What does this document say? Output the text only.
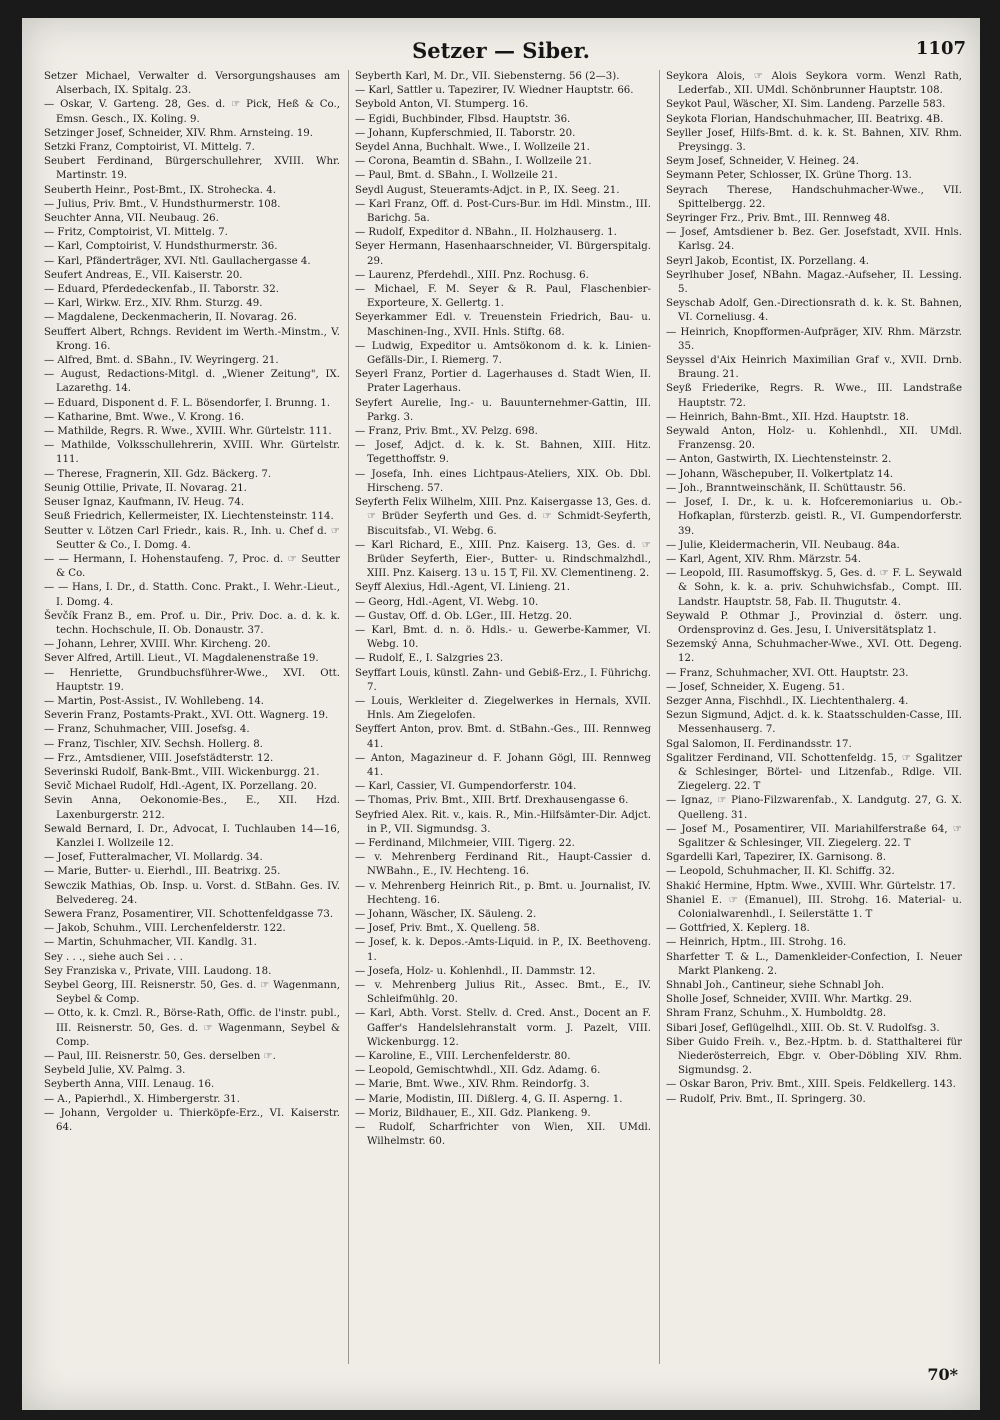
Setzer — Siber.	1107

Setzer Michael, Verwalter d. Versorgungshauses am Alserbach, IX. Spitalg. 23.

— Oskar, V. Garteng. 28, Ges. d. ☞ Pick, Heß & Co., Emsn. Gesch., IX. Koling. 9.

Setzinger Josef, Schneider, XIV. Rhm. Arnsteing. 19.

Setzki Franz, Comptoirist, VI. Mittelg. 7.

Seubert Ferdinand, Bürgerschullehrer, XVIII. Whr. Martinstr. 19.

Seuberth Heinr., Post-Bmt., IX. Strohecka. 4.

— Julius, Priv. Bmt., V. Hundsthurmerstr. 108.

Seuchter Anna, VII. Neubaug. 26.

— Fritz, Comptoirist, VI. Mittelg. 7.

— Karl, Comptoirist, V. Hundsthurmerstr. 36.

— Karl, Pfänderträger, XVI. Ntl. Gaullachergasse 4.

Seufert Andreas, E., VII. Kaiserstr. 20.

— Eduard, Pferdedeckenfab., II. Taborstr. 32.

— Karl, Wirkw. Erz., XIV. Rhm. Sturzg. 49.

— Magdalene, Deckenmacherin, II. Novarag. 26.

Seuffert Albert, Rchngs. Revident im Werth.-Minstm., V. Krong. 16.

— Alfred, Bmt. d. SBahn., IV. Weyringerg. 21.

— August, Redactions-Mitgl. d. „Wiener Zeitung", IX. Lazarethg. 14.

— Eduard, Disponent d. F. L. Bösendorfer, I. Brunng. 1.

— Katharine, Bmt. Wwe., V. Krong. 16.

— Mathilde, Regrs. R. Wwe., XVIII. Whr. Gürtelstr. 111.

— Mathilde, Volksschullehrerin, XVIII. Whr. Gürtelstr. 111.

— Therese, Fragnerin, XII. Gdz. Bäckerg. 7.

Seunig Ottilie, Private, II. Novarag. 21.

Seuser Ignaz, Kaufmann, IV. Heug. 74.

Seuß Friedrich, Kellermeister, IX. Liechtensteinstr. 114.

Seutter v. Lötzen Carl Friedr., kais. R., Inh. u. Chef d. ☞ Seutter & Co., I. Domg. 4.

— — Hermann, I. Hohenstaufeng. 7, Proc. d. ☞ Seutter & Co.

— — Hans, I. Dr., d. Statth. Conc. Prakt., I. Wehr.-Lieut., I. Domg. 4.

Ševčík Franz B., em. Prof. u. Dir., Priv. Doc. a. d. k. k. techn. Hochschule, II. Ob. Donaustr. 37.

— Johann, Lehrer, XVIII. Whr. Kircheng. 20.

Sever Alfred, Artill. Lieut., VI. Magdalenenstraße 19.

— Henriette, Grundbuchsführer-Wwe., XVI. Ott. Hauptstr. 19.

— Martin, Post-Assist., IV. Wohllebeng. 14.

Severin Franz, Postamts-Prakt., XVI. Ott. Wagnerg. 19.

— Franz, Schuhmacher, VIII. Josefsg. 4.

— Franz, Tischler, XIV. Sechsh. Hollerg. 8.

— Frz., Amtsdiener, VIII. Josefstädterstr. 12.

Severinski Rudolf, Bank-Bmt., VIII. Wickenburgg. 21.

Sevič Michael Rudolf, Hdl.-Agent, IX. Porzellang. 20.

Sevin Anna, Oekonomie-Bes., E., XII. Hzd. Laxenburgerstr. 212.

Sewald Bernard, I. Dr., Advocat, I. Tuchlauben 14—16, Kanzlei I. Wollzeile 12.

— Josef, Futteralmacher, VI. Mollardg. 34.

— Marie, Butter- u. Eierhdl., III. Beatrixg. 25.

Sewczik Mathias, Ob. Insp. u. Vorst. d. StBahn. Ges. IV. Belvedereg. 24.

Sewera Franz, Posamentirer, VII. Schottenfeldgasse 73.

— Jakob, Schuhm., VIII. Lerchenfelderstr. 122.

— Martin, Schuhmacher, VII. Kandlg. 31.

Sey . . ., siehe auch Sei . . .

Sey Franziska v., Private, VIII. Laudong. 18.

Seybel Georg, III. Reisnerstr. 50, Ges. d. ☞ Wagenmann, Seybel & Comp.

— Otto, k. k. Cmzl. R., Börse-Rath, Offic. de l'instr. publ., III. Reisnerstr. 50, Ges. d. ☞ Wagenmann, Seybel & Comp.

— Paul, III. Reisnerstr. 50, Ges. derselben ☞.

Seybeld Julie, XV. Palmg. 3.

Seyberth Anna, VIII. Lenaug. 16.

— A., Papierhdl., X. Himbergerstr. 31.

— Johann, Vergolder u. Thierköpfe-Erz., VI. Kaiserstr. 64.

Seyberth Karl, M. Dr., VII. Siebensterng. 56 (2—3).

— Karl, Sattler u. Tapezirer, IV. Wiedner Hauptstr. 66.

Seybold Anton, VI. Stumperg. 16.

— Egidi, Buchbinder, Flbsd. Hauptstr. 36.

— Johann, Kupferschmied, II. Taborstr. 20.

Seydel Anna, Buchhalt. Wwe., I. Wollzeile 21.

— Corona, Beamtin d. SBahn., I. Wollzeile 21.

— Paul, Bmt. d. SBahn., I. Wollzeile 21.

Seydl August, Steueramts-Adjct. in P., IX. Seeg. 21.

— Karl Franz, Off. d. Post-Curs-Bur. im Hdl. Minstm., III. Barichg. 5a.

— Rudolf, Expeditor d. NBahn., II. Holzhauserg. 1.

Seyer Hermann, Hasenhaarschneider, VI. Bürgerspitalg. 29.

— Laurenz, Pferdehdl., XIII. Pnz. Rochusg. 6.

— Michael, F. M. Seyer & R. Paul, Flaschenbier-Exporteure, X. Gellertg. 1.

Seyerkammer Edl. v. Treuenstein Friedrich, Bau- u. Maschinen-Ing., XVII. Hnls. Stiftg. 68.

— Ludwig, Expeditor u. Amtsökonom d. k. k. Linien-Gefälls-Dir., I. Riemerg. 7.

Seyerl Franz, Portier d. Lagerhauses d. Stadt Wien, II. Prater Lagerhaus.

Seyfert Aurelie, Ing.- u. Bauunternehmer-Gattin, III. Parkg. 3.

— Franz, Priv. Bmt., XV. Pelzg. 698.

— Josef, Adjct. d. k. k. St. Bahnen, XIII. Hitz. Tegetthoffstr. 9.

— Josefa, Inh. eines Lichtpaus-Ateliers, XIX. Ob. Dbl. Hirscheng. 57.

Seyferth Felix Wilhelm, XIII. Pnz. Kaisergasse 13, Ges. d. ☞ Brüder Seyferth und Ges. d. ☞ Schmidt-Seyferth, Biscuitsfab., VI. Webg. 6.

— Karl Richard, E., XIII. Pnz. Kaiserg. 13, Ges. d. ☞ Brüder Seyferth, Eier-, Butter- u. Rindschmalzhdl., XIII. Pnz. Kaiserg. 13 u. 15 T, Fil. XV. Clementineng. 2.

Seyff Alexius, Hdl.-Agent, VI. Linieng. 21.

— Georg, Hdl.-Agent, VI. Webg. 10.

— Gustav, Off. d. Ob. LGer., III. Hetzg. 20.

— Karl, Bmt. d. n. ö. Hdls.- u. Gewerbe-Kammer, VI. Webg. 10.

— Rudolf, E., I. Salzgries 23.

Seyffart Louis, künstl. Zahn- und Gebiß-Erz., I. Führichg. 7.

— Louis, Werkleiter d. Ziegelwerkes in Hernals, XVII. Hnls. Am Ziegelofen.

Seyffert Anton, prov. Bmt. d. StBahn.-Ges., III. Rennweg 41.

— Anton, Magazineur d. F. Johann Gögl, III. Rennweg 41.

— Karl, Cassier, VI. Gumpendorferstr. 104.

— Thomas, Priv. Bmt., XIII. Brtf. Drexhausengasse 6.

Seyfried Alex. Rit. v., kais. R., Min.-Hilfsämter-Dir. Adjct. in P., VII. Sigmundsg. 3.

— Ferdinand, Milchmeier, VIII. Tigerg. 22.

— v. Mehrenberg Ferdinand Rit., Haupt-Cassier d. NWBahn., E., IV. Hechteng. 16.

— v. Mehrenberg Heinrich Rit., p. Bmt. u. Journalist, IV. Hechteng. 16.

— Johann, Wäscher, IX. Säuleng. 2.

— Josef, Priv. Bmt., X. Quelleng. 58.

— Josef, k. k. Depos.-Amts-Liquid. in P., IX. Beethoveng. 1.

— Josefa, Holz- u. Kohlenhdl., II. Dammstr. 12.

— v. Mehrenberg Julius Rit., Assec. Bmt., E., IV. Schleifmühlg. 20.

— Karl, Abth. Vorst. Stellv. d. Cred. Anst., Docent an F. Gaffer's Handelslehranstalt vorm. J. Pazelt, VIII. Wickenburgg. 12.

— Karoline, E., VIII. Lerchenfelderstr. 80.

— Leopold, Gemischtwhdl., XII. Gdz. Adamg. 6.

— Marie, Bmt. Wwe., XIV. Rhm. Reindorfg. 3.

— Marie, Modistin, III. Dißlerg. 4, G. II. Asperng. 1.

— Moriz, Bildhauer, E., XII. Gdz. Plankeng. 9.

— Rudolf, Scharfrichter von Wien, XII. UMdl. Wilhelmstr. 60.

Seykora Alois, ☞ Alois Seykora vorm. Wenzl Rath, Lederfab., XII. UMdl. Schönbrunner Hauptstr. 108.

Seykot Paul, Wäscher, XI. Sim. Landeng. Parzelle 583.

Seykota Florian, Handschuhmacher, III. Beatrixg. 4B.

Seyller Josef, Hilfs-Bmt. d. k. k. St. Bahnen, XIV. Rhm. Preysingg. 3.

Seym Josef, Schneider, V. Heineg. 24.

Seymann Peter, Schlosser, IX. Grüne Thorg. 13.

Seyrach Therese, Handschuhmacher-Wwe., VII. Spittelbergg. 22.

Seyringer Frz., Priv. Bmt., III. Rennweg 48.

— Josef, Amtsdiener b. Bez. Ger. Josefstadt, XVII. Hnls. Karlsg. 24.

Seyrl Jakob, Econtist, IX. Porzellang. 4.

Seyrlhuber Josef, NBahn. Magaz.-Aufseher, II. Lessing. 5.

Seyschab Adolf, Gen.-Directionsrath d. k. k. St. Bahnen, VI. Corneliusg. 4.

— Heinrich, Knopfformen-Aufpräger, XIV. Rhm. Märzstr. 35.

Seyssel d'Aix Heinrich Maximilian Graf v., XVII. Drnb. Braung. 21.

Seyß Friederike, Regrs. R. Wwe., III. Landstraße Hauptstr. 72.

— Heinrich, Bahn-Bmt., XII. Hzd. Hauptstr. 18.

Seywald Anton, Holz- u. Kohlenhdl., XII. UMdl. Franzensg. 20.

— Anton, Gastwirth, IX. Liechtensteinstr. 2.

— Johann, Wäschepuber, II. Volkertplatz 14.

— Joh., Branntweinschänk, II. Schüttaustr. 56.

— Josef, I. Dr., k. u. k. Hofceremoniarius u. Ob.-Hofkaplan, fürsterzb. geistl. R., VI. Gumpendorferstr. 39.

— Julie, Kleidermacherin, VII. Neubaug. 84a.

— Karl, Agent, XIV. Rhm. Märzstr. 54.

— Leopold, III. Rasumoffskyg. 5, Ges. d. ☞ F. L. Seywald & Sohn, k. k. a. priv. Schuhwichsfab., Compt. III. Landstr. Hauptstr. 58, Fab. II. Thugutstr. 4.

Seywald P. Othmar J., Provinzial d. österr. ung. Ordensprovinz d. Ges. Jesu, I. Universitätsplatz 1.

Sezemský Anna, Schuhmacher-Wwe., XVI. Ott. Degeng. 12.

— Franz, Schuhmacher, XVI. Ott. Hauptstr. 23.

— Josef, Schneider, X. Eugeng. 51.

Sezger Anna, Fischhdl., IX. Liechtenthalerg. 4.

Sezun Sigmund, Adjct. d. k. k. Staatsschulden-Casse, III. Messenhauserg. 7.

Sgal Salomon, II. Ferdinandsstr. 17.

Sgalitzer Ferdinand, VII. Schottenfeldg. 15, ☞ Sgalitzer & Schlesinger, Börtel- und Litzenfab., Rdlge. VII. Ziegelerg. 22. T

— Ignaz, ☞ Piano-Filzwarenfab., X. Landgutg. 27, G. X. Quelleng. 31.

— Josef M., Posamentirer, VII. Mariahilferstraße 64, ☞ Sgalitzer & Schlesinger, VII. Ziegelerg. 22. T

Sgardelli Karl, Tapezirer, IX. Garnisong. 8.

— Leopold, Schuhmacher, II. Kl. Schiffg. 32.

Shakić Hermine, Hptm. Wwe., XVIII. Whr. Gürtelstr. 17.

Shaniel E. ☞ (Emanuel), III. Strohg. 16. Material- u. Colonialwarenhdl., I. Seilerstätte 1. T

— Gottfried, X. Keplerg. 18.

— Heinrich, Hptm., III. Strohg. 16.

Sharfetter T. & L., Damenkleider-Confection, I. Neuer Markt Plankeng. 2.

Shnabl Joh., Cantineur, siehe Schnabl Joh.

Sholle Josef, Schneider, XVIII. Whr. Martkg. 29.

Shram Franz, Schuhm., X. Humboldtg. 28.

Sibari Josef, Geflügelhdl., XIII. Ob. St. V. Rudolfsg. 3.

Siber Guido Freih. v., Bez.-Hptm. b. d. Statthalterei für Niederösterreich, Ebgr. v. Ober-Döbling XIV. Rhm. Sigmundsg. 2.

— Oskar Baron, Priv. Bmt., XIII. Speis. Feldkellerg. 143.

— Rudolf, Priv. Bmt., II. Springerg. 30.

70*
